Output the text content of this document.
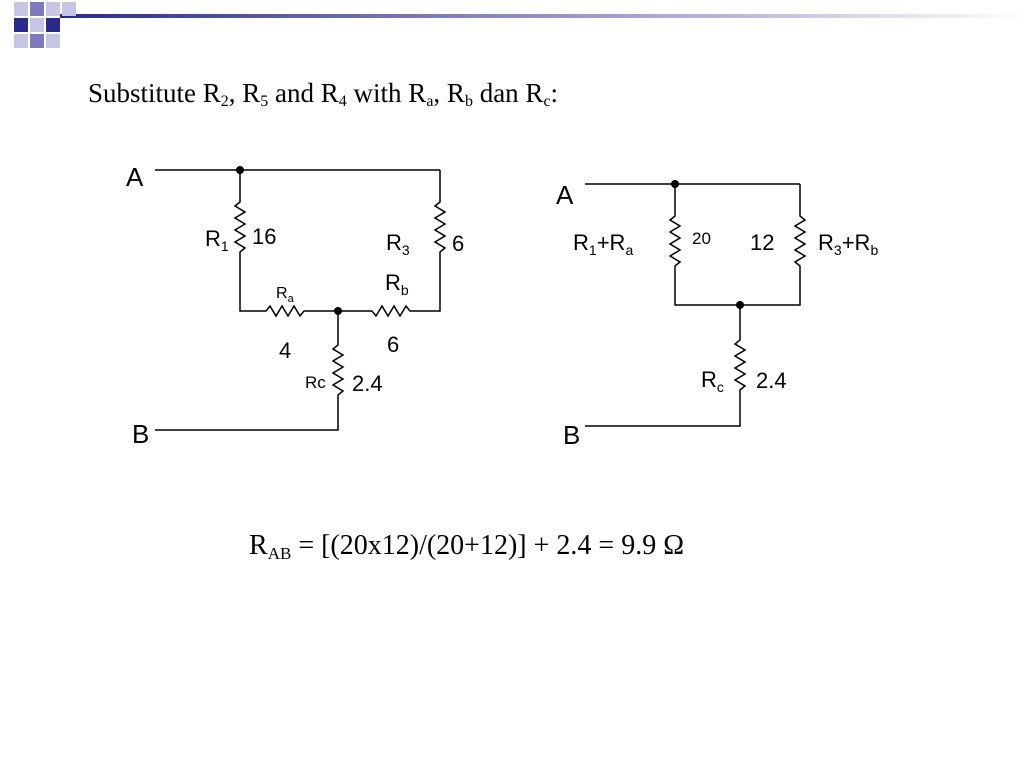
Substitute $R_2$, $R_5$ and $R_4$ with $R_a$, $R_b$ dan $R_c$:
A
B
$R_1$ 16	$R_3$ 6
$R_a$
4
$R_b$
6
Rc 2.4
A
B
$R_1+R_a$
20 12 $R_3+R_b$
$R_c$ 2.4
$R_{AB} = [(20x12)/(20+12)] + 2.4 = 9.9$ Ω
